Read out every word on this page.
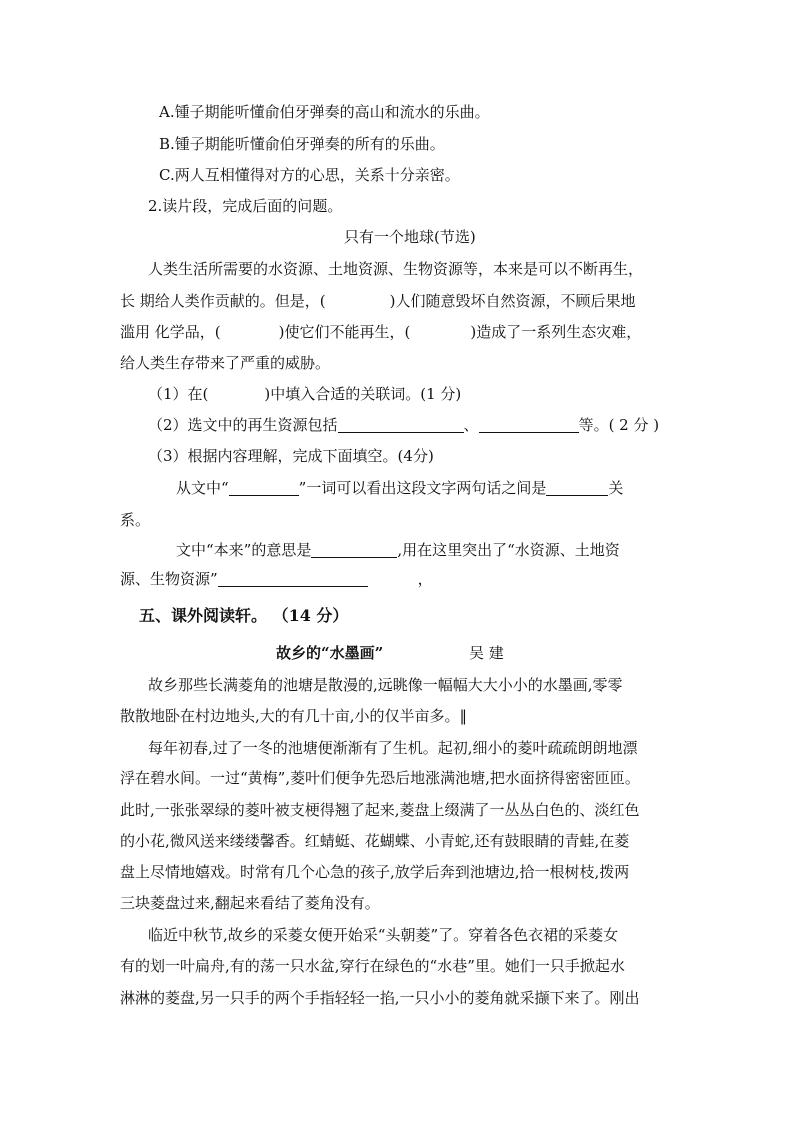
A.锺子期能听懂俞伯牙弹奏的高山和流水的乐曲。
B.锺子期能听懂俞伯牙弹奏的所有的乐曲。
C.两人互相懂得对方的心思，关系十分亲密。
2.读片段，完成后面的问题。
只有一个地球(节选)
人类生活所需要的水资源、土地资源、生物资源等，本来是可以不断再生，
长 期给人类作贡献的。但是，(	)人们随意毁坏自然资源，不顾后果地
滥用 化学品，(	)使它们不能再生，(	)造成了一系列生态灾难，
给人类生存带来了严重的威胁。
（1）在(	)中填入合适的关联词。(1 分)
（2）选文中的再生资源包括	、	等。( 2 分 )
（3）根据内容理解，完成下面填空。(4分)
从文中“	”一词可以看出这段文字两句话之间是	关
系。
文中“本来”的意思是	,用在这里突出了“水资源、土地资
源、生物资源”	，
五、课外阅读轩。 （14 分）
故乡的“水墨画”	吴 建
故乡那些长满菱角的池塘是散漫的,远眺像一幅幅大大小小的水墨画,零零
散散地卧在村边地头,大的有几十亩,小的仅半亩多。‖
每年初春,过了一冬的池塘便渐渐有了生机。起初,细小的菱叶疏疏朗朗地漂
浮在碧水间。一过“黄梅”,菱叶们便争先恐后地涨满池塘,把水面挤得密密匝匝。
此时,一张张翠绿的菱叶被支梗得翘了起来,菱盘上缀满了一丛丛白色的、淡红色
的小花,微风送来缕缕馨香。红蜻蜓、花蝴蝶、小青蛇,还有鼓眼睛的青蛙,在菱
盘上尽情地嬉戏。时常有几个心急的孩子,放学后奔到池塘边,拾一根树枝,拨两
三块菱盘过来,翻起来看结了菱角没有。
临近中秋节,故乡的采菱女便开始采“头朝菱”了。穿着各色衣裙的采菱女
有的划一叶扁舟,有的荡一只水盆,穿行在绿色的“水巷”里。她们一只手掀起水
淋淋的菱盘,另一只手的两个手指轻轻一掐,一只小小的菱角就采撷下来了。刚出
